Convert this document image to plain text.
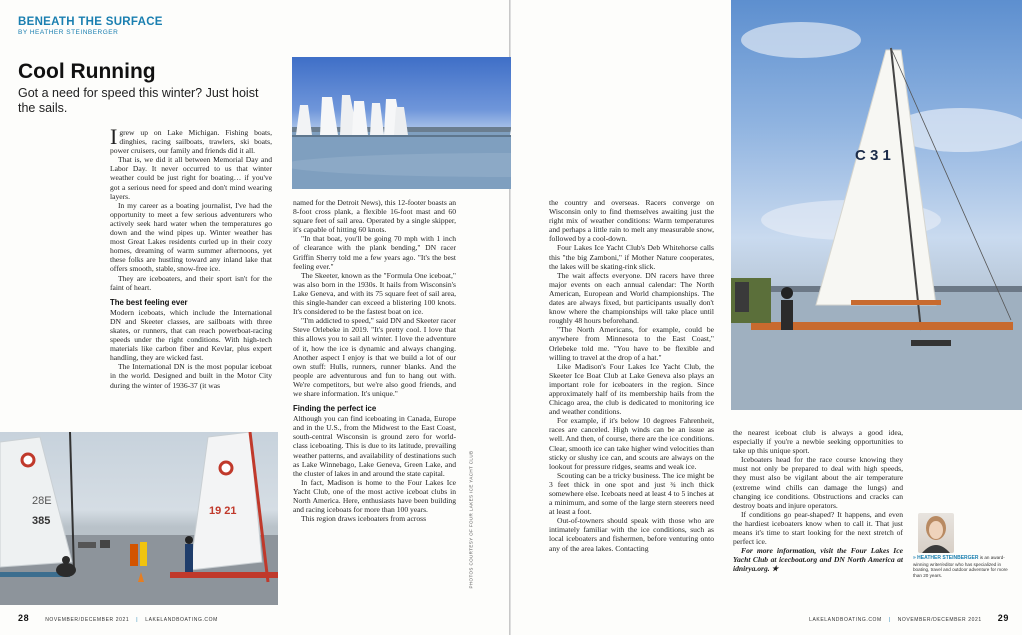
BENEATH THE SURFACE
BY HEATHER STEINBERGER
Cool Running
Got a need for speed this winter? Just hoist the sails.

Igrew up on Lake Michigan. Fishing boats, dinghies, racing sailboats, trawlers, ski boats, power cruisers, our family and friends did it all.

That is, we did it all between Memorial Day and Labor Day. It never occurred to us that winter weather could be just right for boating… if you've got a serious need for speed and don't mind wearing layers.

In my career as a boating journalist, I've had the opportunity to meet a few serious adventurers who actively seek hard water when the temperatures go down and the wind pipes up. Winter weather has most Great Lakes residents curled up in their cozy homes, dreaming of warm summer afternoons, yet these folks are hustling toward any inland lake that offers smooth, stable, snow-free ice.

They are iceboaters, and their sport isn't for the faint of heart.

The best feeling ever

Modern iceboats, which include the International DN and Skeeter classes, are sailboats with three skates, or runners, that can reach powerboat-racing speeds under the right conditions. With high-tech materials like carbon fiber and Kevlar, plus expert handling, they are wicked fast.

The International DN is the most popular iceboat in the world. Designed and built in the Motor City during the winter of 1936-37 (it was

named for the Detroit News), this 12-footer boasts an 8-foot cross plank, a flexible 16-foot mast and 60 square feet of sail area. Operated by a single skipper, it's capable of hitting 60 knots.

"In that boat, you'll be going 70 mph with 1 inch of clearance with the plank bending," DN racer Griffin Sherry told me a few years ago. "It's the best feeling ever."

The Skeeter, known as the "Formula One iceboat," was also born in the 1930s. It hails from Wisconsin's Lake Geneva, and with its 75 square feet of sail area, this single-hander can exceed a blistering 100 knots. It's considered to be the fastest boat on ice.

"I'm addicted to speed," said DN and Skeeter racer Steve Orlebeke in 2019. "It's pretty cool. I love that this allows you to sail all winter. I love the adventure of it, how the ice is dynamic and always changing. Another aspect I enjoy is that we build a lot of our own stuff: Hulls, runners, runner blanks. And the people are adventurous and fun to hang out with. We're competitors, but we're also good friends, and we share information. It's unique."

Finding the perfect ice

Although you can find iceboating in Canada, Europe and in the U.S., from the Midwest to the East Coast, south-central Wisconsin is ground zero for world-class iceboating. This is due to its latitude, prevailing weather patterns, and availability of destinations such as Lake Winnebago, Lake Geneva, Green Lake, and the cluster of lakes in and around the state capital.

In fact, Madison is home to the Four Lakes Ice Yacht Club, one of the most active iceboat clubs in North America. Here, enthusiasts have been building and racing iceboats for more than 100 years.

This region draws iceboaters from across	PHOTOS COURTESY OF FOUR LAKES ICE YACHT CLUB
28E
385
19 21
28	NOVEMBER/DECEMBER 2021 | LAKELANDBOATING.COM
C 3 1

the country and overseas. Racers converge on Wisconsin only to find themselves awaiting just the right mix of weather conditions: Warm temperatures and perhaps a little rain to melt any measurable snow, followed by a cool-down.

Four Lakes Ice Yacht Club's Deb Whitehorse calls this "the big Zamboni," if Mother Nature cooperates, the lakes will be skating-rink slick.

The wait affects everyone. DN racers have three major events on each annual calendar: The North American, European and World championships. The dates are always fixed, but participants usually don't know where the championships will take place until roughly 48 hours beforehand.

"The North Americans, for example, could be anywhere from Minnesota to the East Coast," Orlebeke told me. "You have to be flexible and willing to travel at the drop of a hat."

Like Madison's Four Lakes Ice Yacht Club, the Skeeter Ice Boat Club at Lake Geneva also plays an important role for iceboaters in the region. Since approximately half of its membership hails from the Chicago area, the club is dedicated to monitoring ice and weather conditions.

For example, if it's below 10 degrees Fahrenheit, races are canceled. High winds can be an issue as well. And then, of course, there are the ice conditions. Clear, smooth ice can take higher wind velocities than sticky or slushy ice can, and scouts are always on the lookout for pressure ridges, seams and weak ice.

Scouting can be a tricky business. The ice might be 3 feet thick in one spot and just ¾ inch thick somewhere else. Iceboats need at least 4 to 5 inches at a minimum, and some of the large stern steerers need at least a foot.

Out-of-towners should speak with those who are intimately familiar with the ice conditions, such as local iceboaters and fishermen, before venturing onto any of the area lakes. Contacting

the nearest iceboat club is always a good idea, especially if you're a newbie seeking opportunities to take up this unique sport.

Iceboaters head for the race course knowing they must not only be prepared to deal with high speeds, they must also be vigilant about the air temperature (extreme wind chills can damage the lungs) and changing ice conditions. Obstructions and cracks can destroy boats and injure operators.

If conditions go pear-shaped? It happens, and even the hardiest iceboaters know when to call it. That just means it's time to start looking for the next stretch of perfect ice.

For more information, visit the Four Lakes Ice Yacht Club at icecboat.org and DN North America at idnirya.org. ★

» HEATHER STEINBERGER is an award-winning writer/editor who has specialized in boating, travel and outdoor adventure for more than 20 years.
LAKELANDBOATING.COM | NOVEMBER/DECEMBER 2021 29
